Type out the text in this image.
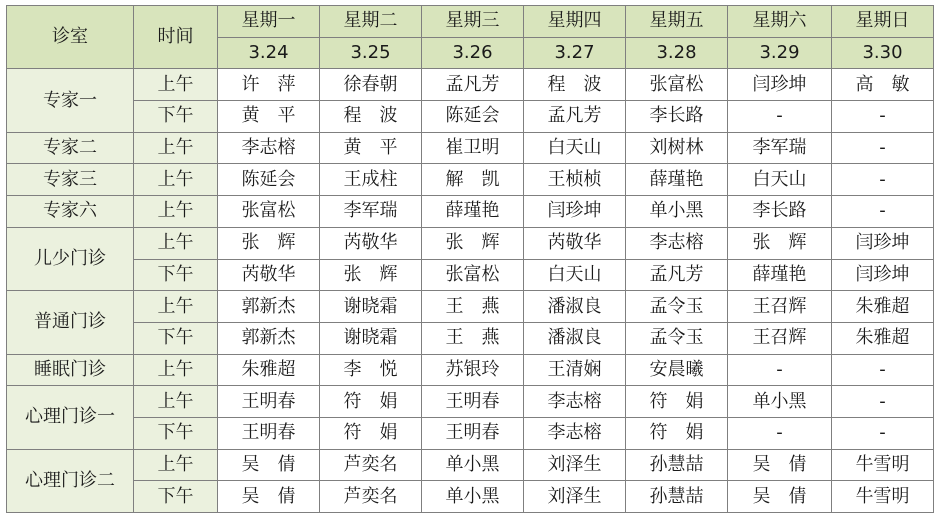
诊室	时间	星期一	星期二	星期三	星期四	星期五	星期六	星期日
		3.24	3.25	3.26	3.27	3.28	3.29	3.30
专家一	上午	许　萍	徐春朝	孟凡芳	程　波	张富松	闫珍坤	高　敏
	下午	黄　平	程　波	陈延会	孟凡芳	李长路	-	-
专家二	上午	李志榕	黄　平	崔卫明	白天山	刘树林	李军瑞	-
专家三	上午	陈延会	王成柱	解　凯	王桢桢	薛瑾艳	白天山	-
专家六	上午	张富松	李军瑞	薛瑾艳	闫珍坤	单小黑	李长路	-
儿少门诊	上午	张　辉	芮敬华	张　辉	芮敬华	李志榕	张　辉	闫珍坤
	下午	芮敬华	张　辉	张富松	白天山	孟凡芳	薛瑾艳	闫珍坤
普通门诊	上午	郭新杰	谢晓霜	王　燕	潘淑良	孟令玉	王召辉	朱雅超
	下午	郭新杰	谢晓霜	王　燕	潘淑良	孟令玉	王召辉	朱雅超
睡眠门诊	上午	朱雅超	李　悦	苏银玲	王清娴	安晨曦	-	-
心理门诊一	上午	王明春	符　娟	王明春	李志榕	符　娟	单小黑	-
	下午	王明春	符　娟	王明春	李志榕	符　娟	-	-
心理门诊二	上午	吴　倩	芦奕名	单小黑	刘泽生	孙慧喆	吴　倩	牛雪明
	下午	吴　倩	芦奕名	单小黑	刘泽生	孙慧喆	吴　倩	牛雪明
